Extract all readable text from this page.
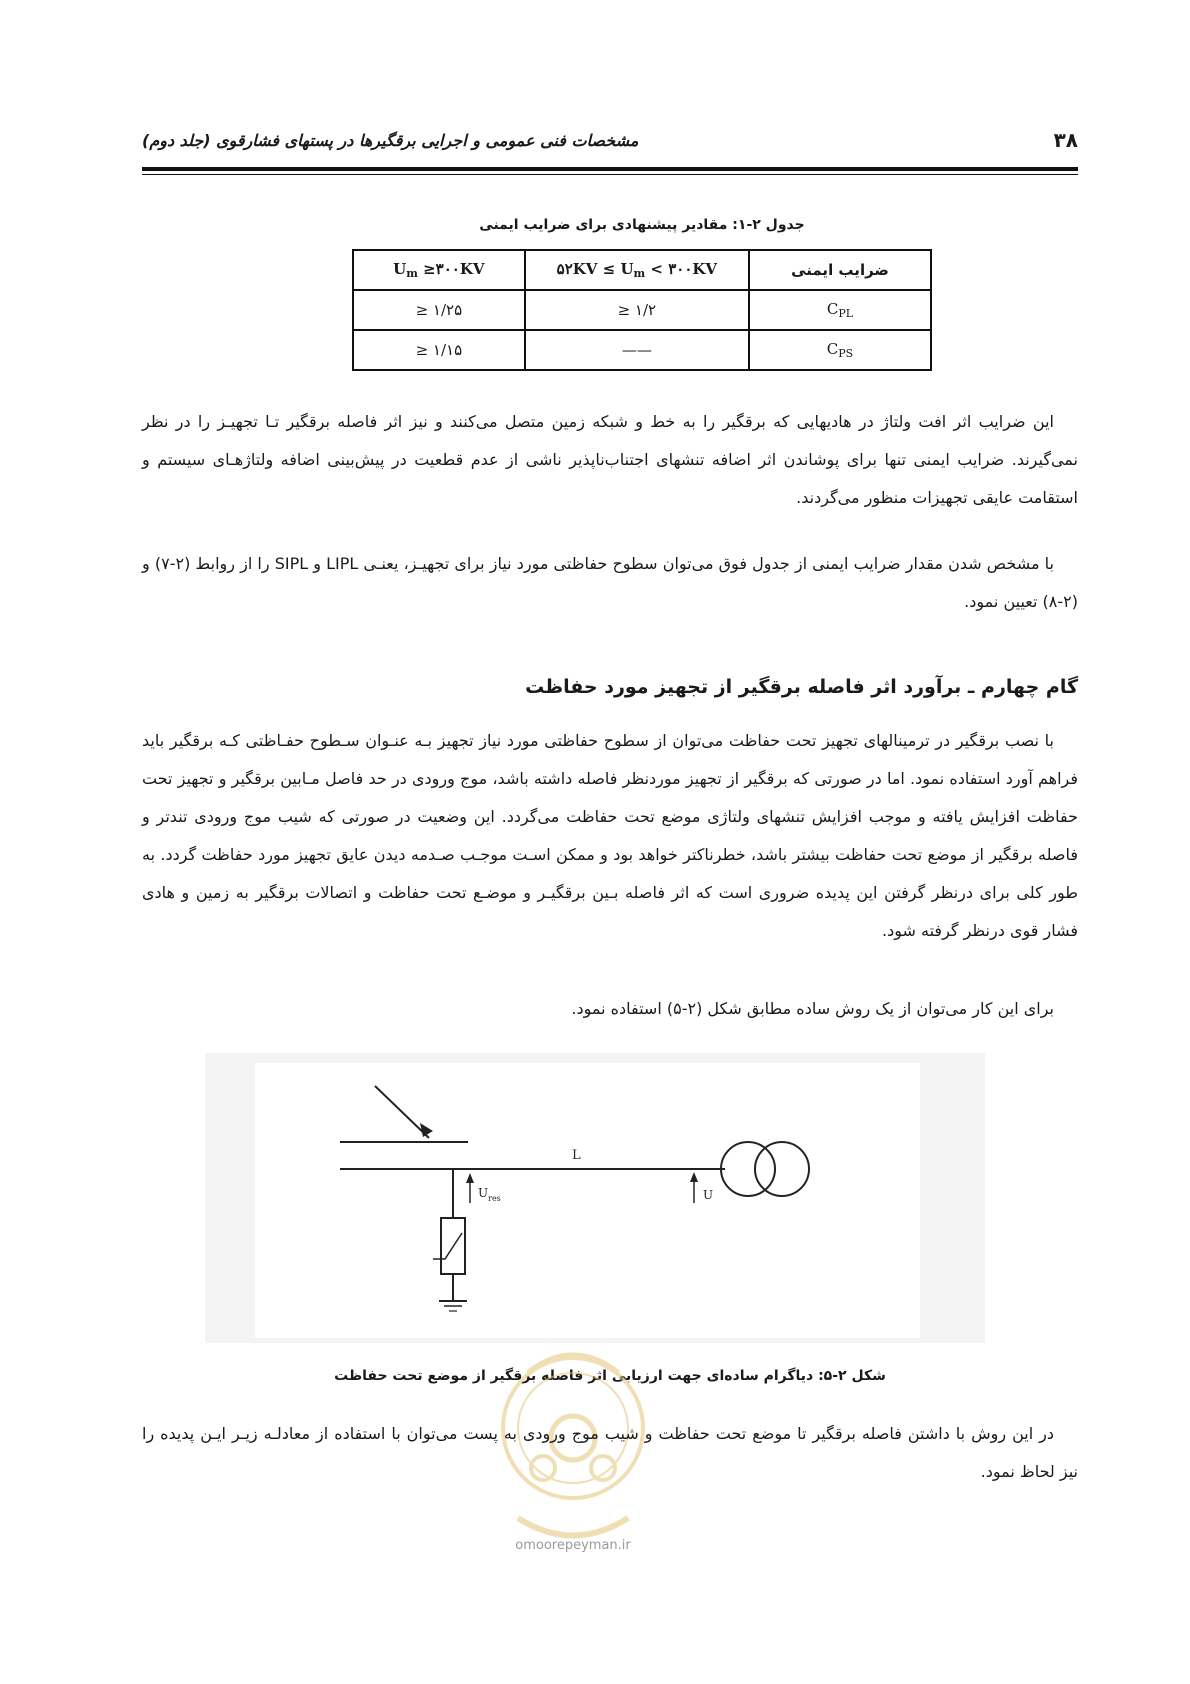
۳۸
مشخصات فنی عمومی و اجرایی برقگیرها در پستهای فشارقوی (جلد دوم)
جدول ۲-۱: مقادیر پیشنهادی برای ضرایب ایمنی
$U_m$ ≥۳۰۰KV	۵۲KV ≤ $U_m$ < ۳۰۰KV	ضرایب ایمنی
≥ ۱/۲۵	≥ ۱/۲	$C_{PL}$
≥ ۱/۱۵	——	$C_{PS}$

این ضرایب اثر افت ولتاژ در هادیهایی که برقگیر را به خط و شبکه زمین متصل می‌کنند و نیز اثر فاصله برقگیر تـا تجهیـز را در نظر نمی‌گیرند. ضرایب ایمنی تنها برای پوشاندن اثر اضافه تنشهای اجتناب‌ناپذیر ناشی از عدم قطعیت در پیش‌بینی اضافه ولتاژهـای سیستم و استقامت عایقی تجهیزات منظور می‌گردند.

با مشخص شدن مقدار ضرایب ایمنی از جدول فوق می‌توان سطوح حفاظتی مورد نیاز برای تجهیـز، یعنـی LIPL و SIPL را از روابط (۲-۷) و (۲-۸) تعیین نمود.

گام چهارم ـ برآورد اثر فاصله برقگیر از تجهیز مورد حفاظت

با نصب برقگیر در ترمینالهای تجهیز تحت حفاظت می‌توان از سطوح حفاظتی مورد نیاز تجهیز بـه عنـوان سـطوح حفـاظتی کـه برقگیر باید فراهم آورد استفاده نمود. اما در صورتی که برقگیر از تجهیز موردنظر فاصله داشته باشد، موج ورودی در حد فاصل مـابین برقگیر و تجهیز تحت حفاظت افزایش یافته و موجب افزایش تنشهای ولتاژی موضع تحت حفاظت می‌گردد. این وضعیت در صورتی که شیب موج ورودی تندتر و فاصله برقگیر از موضع تحت حفاظت بیشتر باشد، خطرناکتر خواهد بود و ممکن اسـت موجـب صـدمه دیدن عایق تجهیز مورد حفاظت گردد. به طور کلی برای درنظر گرفتن این پدیده ضروری است که اثر فاصله بـین برقگیـر و موضـع تحت حفاظت و اتصالات برقگیر به زمین و هادی فشار قوی درنظر گرفته شود.

برای این کار می‌توان از یک روش ساده مطابق شکل (۲-۵) استفاده نمود.

L
U
$U_{res}$
شکل ۲-۵: دیاگرام ساده‌ای جهت ارزیابی اثر فاصله برقگیر از موضع تحت حفاظت

در این روش با داشتن فاصله برقگیر تا موضع تحت حفاظت و شیب موج ورودی به پست می‌توان با استفاده از معادلـه زیـر ایـن پدیده را نیز لحاظ نمود.

omoorepeyman.ir
